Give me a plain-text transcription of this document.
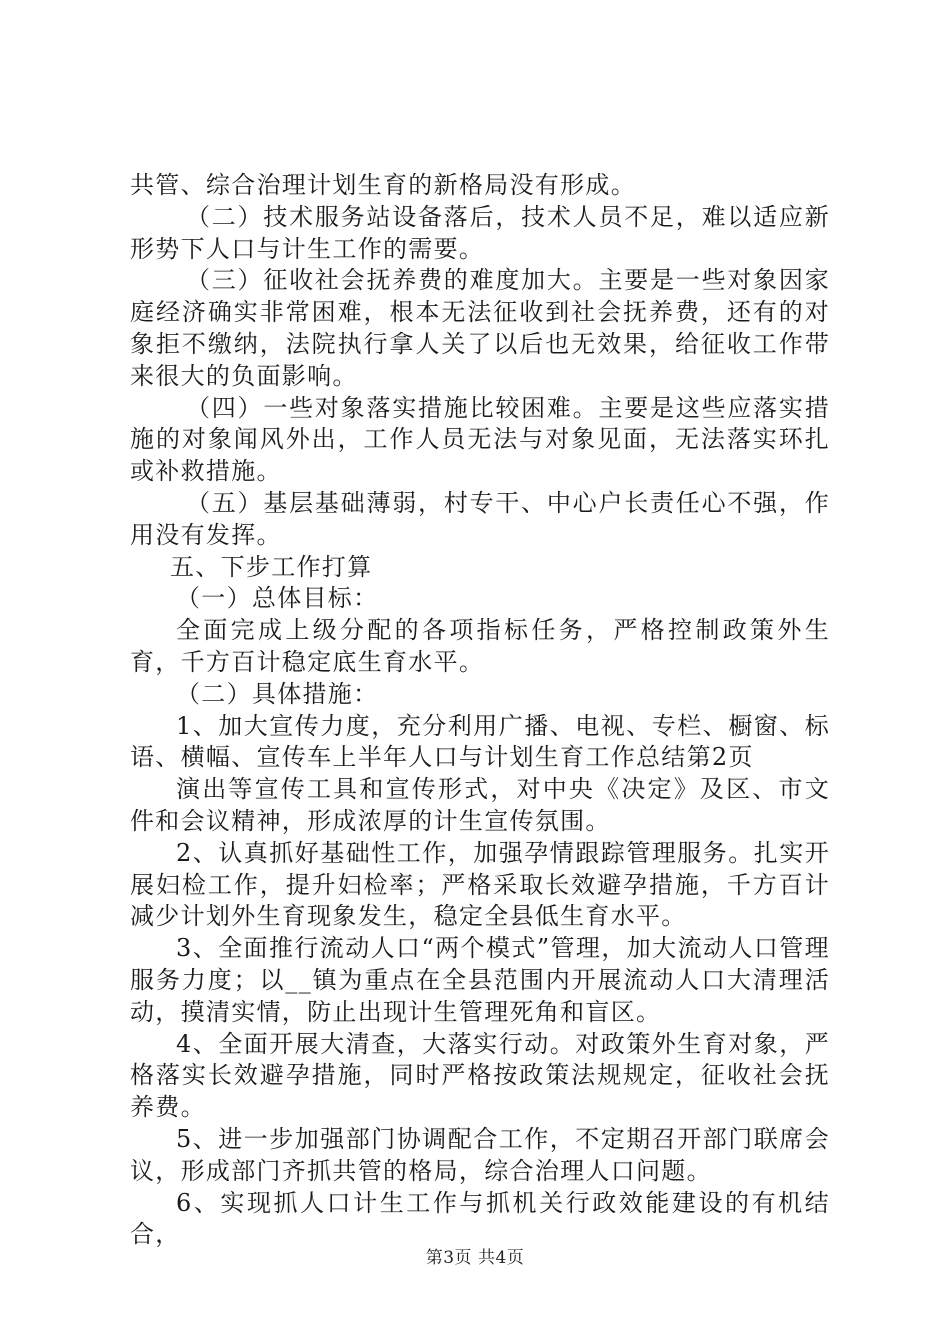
共管、综合治理计划生育的新格局没有形成。

（二）技术服务站设备落后，技术人员不足，难以适应新形势下人口与计生工作的需要。

（三）征收社会抚养费的难度加大。主要是一些对象因家庭经济确实非常困难，根本无法征收到社会抚养费，还有的对象拒不缴纳，法院执行拿人关了以后也无效果，给征收工作带来很大的负面影响。

（四）一些对象落实措施比较困难。主要是这些应落实措施的对象闻风外出，工作人员无法与对象见面，无法落实环扎或补救措施。

（五）基层基础薄弱，村专干、中心户长责任心不强，作用没有发挥。

五、下步工作打算

（一）总体目标：

全面完成上级分配的各项指标任务，严格控制政策外生育，千方百计稳定底生育水平。

（二）具体措施：

1、加大宣传力度，充分利用广播、电视、专栏、橱窗、标语、横幅、宣传车上半年人口与计划生育工作总结第2页

演出等宣传工具和宣传形式，对中央《决定》及区、市文件和会议精神，形成浓厚的计生宣传氛围。

2、认真抓好基础性工作，加强孕情跟踪管理服务。扎实开展妇检工作，提升妇检率；严格采取长效避孕措施，千方百计减少计划外生育现象发生，稳定全县低生育水平。

3、全面推行流动人口“两个模式”管理，加大流动人口管理服务力度；以__镇为重点在全县范围内开展流动人口大清理活动，摸清实情，防止出现计生管理死角和盲区。

4、全面开展大清查，大落实行动。对政策外生育对象，严格落实长效避孕措施，同时严格按政策法规规定，征收社会抚养费。

5、进一步加强部门协调配合工作，不定期召开部门联席会议，形成部门齐抓共管的格局，综合治理人口问题。

6、实现抓人口计生工作与抓机关行政效能建设的有机结合，

第3页 共4页
